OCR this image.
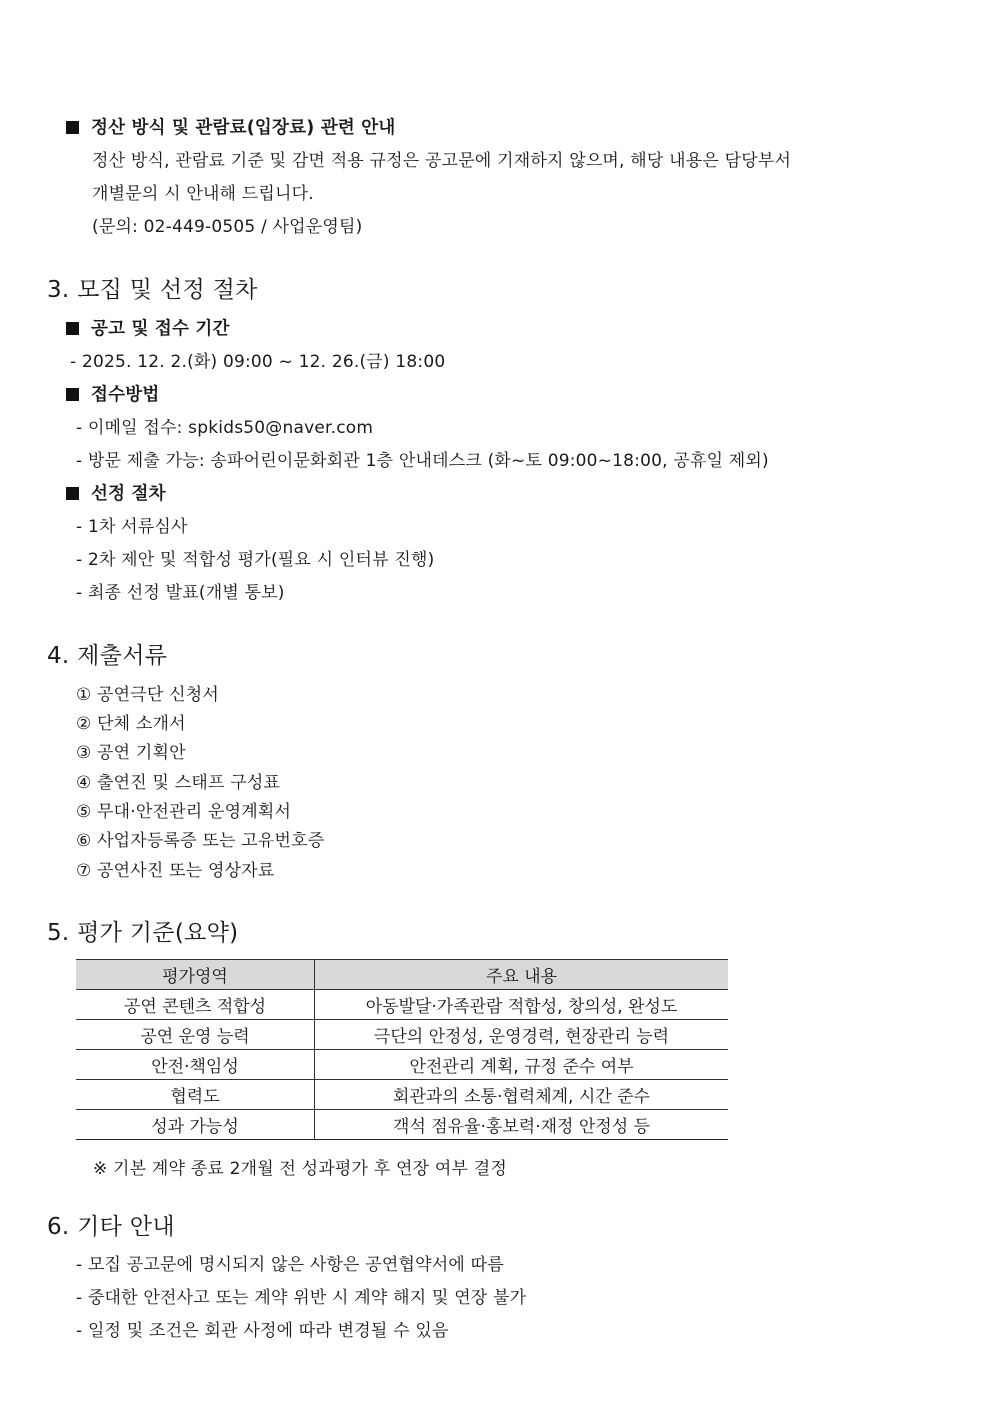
정산 방식 및 관람료(입장료) 관련 안내
정산 방식, 관람료 기준 및 감면 적용 규정은 공고문에 기재하지 않으며, 해당 내용은 담당부서
개별문의 시 안내해 드립니다.
(문의: 02-449-0505 / 사업운영팀)
3. 모집 및 선정 절차
공고 및 접수 기간
- 2025. 12. 2.(화) 09:00 ~ 12. 26.(금) 18:00
접수방법
- 이메일 접수: spkids50@naver.com
- 방문 제출 가능: 송파어린이문화회관 1층 안내데스크 (화~토 09:00~18:00, 공휴일 제외)
선정 절차
- 1차 서류심사
- 2차 제안 및 적합성 평가(필요 시 인터뷰 진행)
- 최종 선정 발표(개별 통보)
4. 제출서류
① 공연극단 신청서
② 단체 소개서
③ 공연 기획안
④ 출연진 및 스태프 구성표
⑤ 무대·안전관리 운영계획서
⑥ 사업자등록증 또는 고유번호증
⑦ 공연사진 또는 영상자료
5. 평가 기준(요약)
평가영역	주요 내용
공연 콘텐츠 적합성	아동발달·가족관람 적합성, 창의성, 완성도
공연 운영 능력	극단의 안정성, 운영경력, 현장관리 능력
안전·책임성	안전관리 계획, 규정 준수 여부
협력도	회관과의 소통·협력체계, 시간 준수
성과 가능성	객석 점유율·홍보력·재정 안정성 등
※ 기본 계약 종료 2개월 전 성과평가 후 연장 여부 결정
6. 기타 안내
- 모집 공고문에 명시되지 않은 사항은 공연협약서에 따름
- 중대한 안전사고 또는 계약 위반 시 계약 해지 및 연장 불가
- 일정 및 조건은 회관 사정에 따라 변경될 수 있음
